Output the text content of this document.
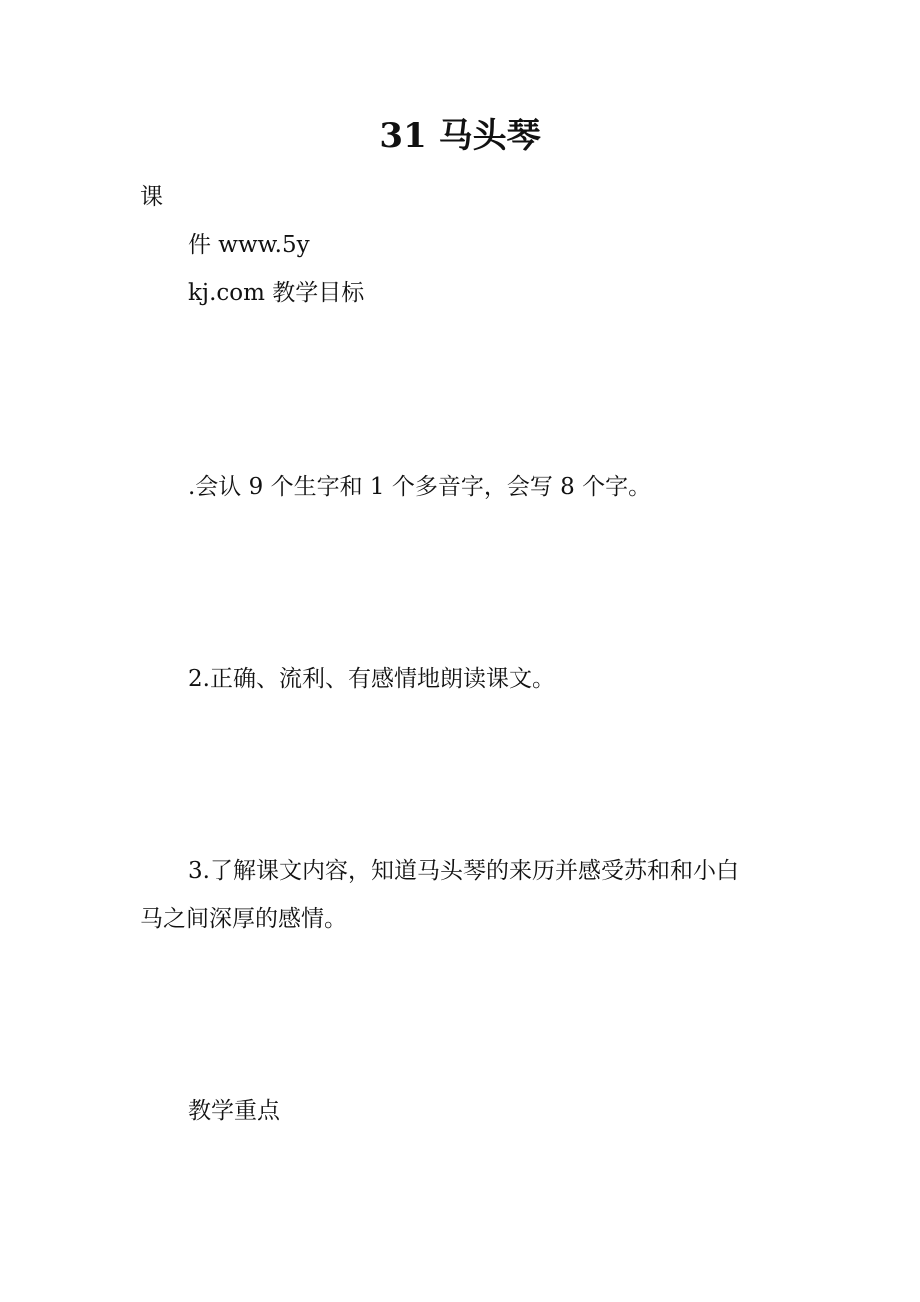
31 马头琴

课

件 www.5y

kj.com 教学目标

.会认 9 个生字和 1 个多音字，会写 8 个字。

2.正确、流利、有感情地朗读课文。

3.了解课文内容，知道马头琴的来历并感受苏和和小白

马之间深厚的感情。

教学重点
